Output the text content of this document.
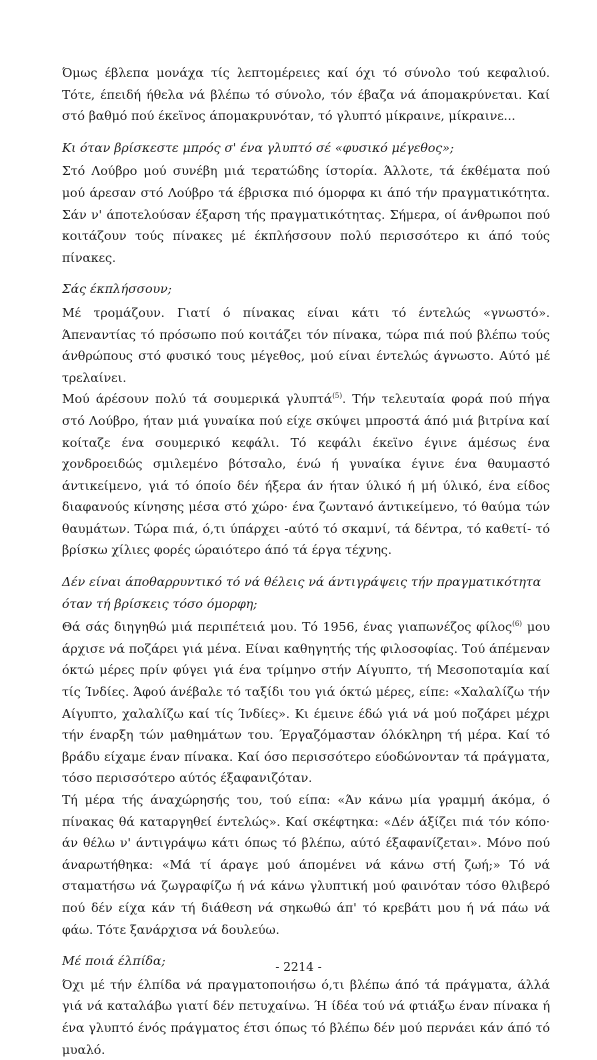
Όμως έβλεπα μονάχα τίς λεπτομέρειες καί όχι τό σύνολο τού κεφαλιού. Τότε, έπειδή ήθελα νά βλέπω τό σύνολο, τόν έβαζα νά άπομακρύνεται. Καί στό βαθμό πού έκεϊνος άπομακρυνόταν, τό γλυπτό μίκραινε, μίκραινε...

Κι όταν βρίσκεστε μπρός σ' ένα γλυπτό σέ «φυσικό μέγεθος»;

Στό Λούβρο μού συνέβη μιά τερατώδης ίστορία. Άλλοτε, τά έκθέματα πού μού άρεσαν στό Λούβρο τά έβρισκα πιό όμορφα κι άπό τήν πραγματικότητα. Σάν ν' άποτελούσαν έξαρση τής πραγματικότητας. Σήμερα, οί άνθρωποι πού κοιτάζουν τούς πίνακες μέ έκπλήσσουν πολύ περισσότερο κι άπό τούς πίνακες.

Σάς έκπλήσσουν;

Μέ τρομάζουν. Γιατί ό πίνακας είναι κάτι τό έντελώς «γνωστό». Άπεναντίας τό πρόσωπο πού κοιτάζει τόν πίνακα, τώρα πιά πού βλέπω τούς άνθρώπους στό φυσικό τους μέγεθος, μού είναι έντελώς άγνωστο. Αύτό μέ τρελαίνει.

Μού άρέσουν πολύ τά σουμερικά γλυπτά$^{(5)}$. Τήν τελευταία φορά πού πήγα στό Λούβρο, ήταν μιά γυναίκα πού είχε σκύψει μπροστά άπό μιά βιτρίνα καί κοίταζε ένα σουμερικό κεφάλι. Τό κεφάλι έκεϊνο έγινε άμέσως ένα χονδροειδώς σμιλεμένο βότσαλο, ένώ ή γυναίκα έγινε ένα θαυμαστό άντικείμενο, γιά τό όποίο δέν ήξερα άν ήταν ύλικό ή μή ύλικό, ένα είδος διαφανούς κίνησης μέσα στό χώρο· ένα ζωντανό άντικείμενο, τό θαύμα τών θαυμάτων. Τώρα πιά, ό,τι ύπάρχει -αύτό τό σκαμνί, τά δέντρα, τό καθετί- τό βρίσκω χίλιες φορές ώραιότερο άπό τά έργα τέχνης.

Δέν είναι άποθαρρυντικό τό νά θέλεις νά άντιγράψεις τήν πραγματικότητα όταν τή βρίσκεις τόσο όμορφη;

Θά σάς διηγηθώ μιά περιπέτειά μου. Τό 1956, ένας γιαπωνέζος φίλος$^{(6)}$ μου άρχισε νά ποζάρει γιά μένα. Είναι καθηγητής τής φιλοσοφίας. Τού άπέμεναν όκτώ μέρες πρίν φύγει γιά ένα τρίμηνο στήν Αίγυπτο, τή Μεσοποταμία καί τίς Ίνδίες. Άφού άνέβαλε τό ταξίδι του γιά όκτώ μέρες, είπε: «Χαλαλίζω τήν Αίγυπτο, χαλαλίζω καί τίς Ίνδίες». Κι έμεινε έδώ γιά νά μού ποζάρει μέχρι τήν έναρξη τών μαθημάτων του. Έργαζόμασταν όλόκληρη τή μέρα. Καί τό βράδυ είχαμε έναν πίνακα. Καί όσο περισσότερο εύοδώνονταν τά πράγματα, τόσο περισσότερο αύτός έξαφανιζόταν.

Τή μέρα τής άναχώρησής του, τού είπα: «Άν κάνω μία γραμμή άκόμα, ό πίνακας θά καταργηθεί έντελώς». Καί σκέφτηκα: «Δέν άξίζει πιά τόν κόπο· άν θέλω ν' άντιγράψω κάτι όπως τό βλέπω, αύτό έξαφανίζεται». Μόνο πού άναρωτήθηκα: «Μά τί άραγε μού άπομένει νά κάνω στή ζωή;» Τό νά σταματήσω νά ζωγραφίζω ή νά κάνω γλυπτική μού φαινόταν τόσο θλιβερό πού δέν είχα κάν τή διάθεση νά σηκωθώ άπ' τό κρεβάτι μου ή νά πάω νά φάω. Τότε ξανάρχισα νά δουλεύω.

Μέ ποιά έλπίδα;

Όχι μέ τήν έλπίδα νά πραγματοποιήσω ό,τι βλέπω άπό τά πράγματα, άλλά γιά νά καταλάβω γιατί δέν πετυχαίνω. Ή ίδέα τού νά φτιάξω έναν πίνακα ή ένα γλυπτό ένός πράγματος έτσι όπως τό βλέπω δέν μού περνάει κάν άπό τό μυαλό.

- 2214 -
